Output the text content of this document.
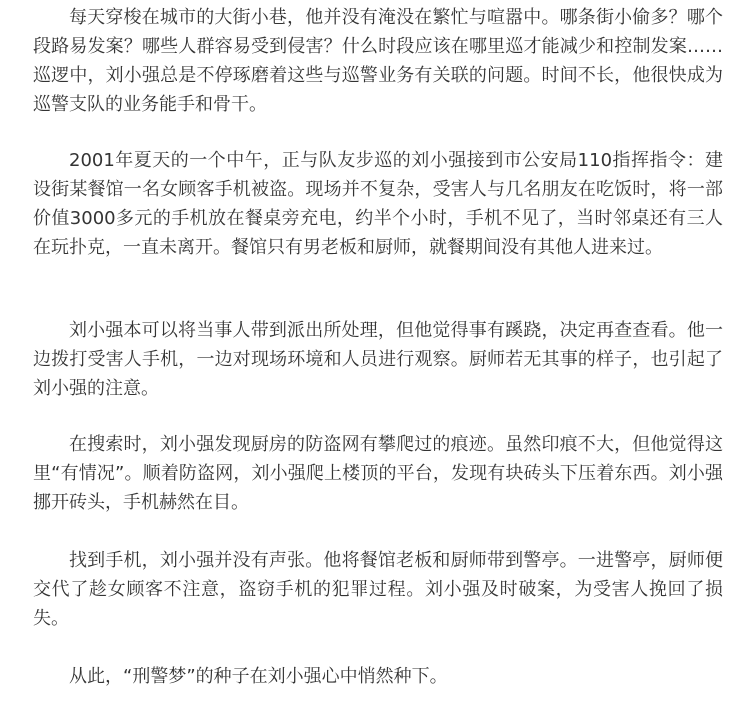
每天穿梭在城市的大街小巷，他并没有淹没在繁忙与喧嚣中。哪条街小偷多？哪个段路易发案？哪些人群容易受到侵害？什么时段应该在哪里巡才能减少和控制发案……巡逻中，刘小强总是不停琢磨着这些与巡警业务有关联的问题。时间不长，他很快成为巡警支队的业务能手和骨干。

2001年夏天的一个中午，正与队友步巡的刘小强接到市公安局110指挥指令：建设街某餐馆一名女顾客手机被盗。现场并不复杂，受害人与几名朋友在吃饭时，将一部价值3000多元的手机放在餐桌旁充电，约半个小时，手机不见了，当时邻桌还有三人在玩扑克，一直未离开。餐馆只有男老板和厨师，就餐期间没有其他人进来过。

刘小强本可以将当事人带到派出所处理，但他觉得事有蹊跷，决定再查查看。他一边拨打受害人手机，一边对现场环境和人员进行观察。厨师若无其事的样子，也引起了刘小强的注意。

在搜索时，刘小强发现厨房的防盗网有攀爬过的痕迹。虽然印痕不大，但他觉得这里“有情况”。顺着防盗网，刘小强爬上楼顶的平台，发现有块砖头下压着东西。刘小强挪开砖头，手机赫然在目。

找到手机，刘小强并没有声张。他将餐馆老板和厨师带到警亭。一进警亭，厨师便交代了趁女顾客不注意，盗窃手机的犯罪过程。刘小强及时破案，为受害人挽回了损失。

从此，“刑警梦”的种子在刘小强心中悄然种下。
